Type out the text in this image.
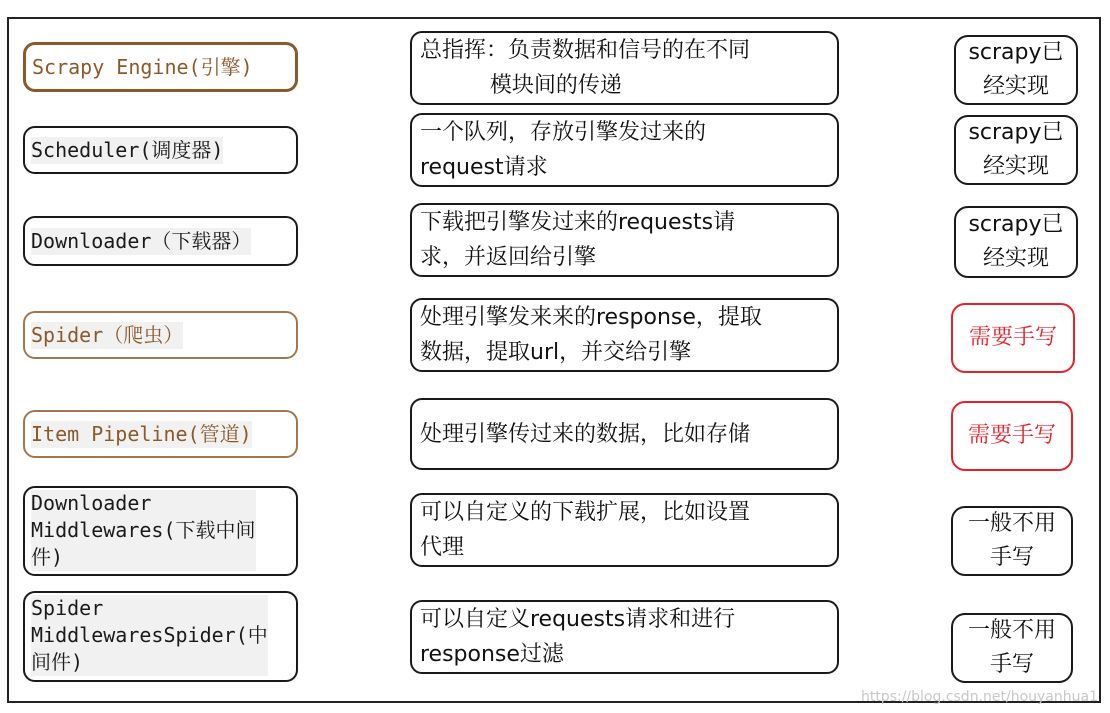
Scrapy Engine(引擎)
总指挥：负责数据和信号的在不同
模块间的传递
scrapy已
经实现
Scheduler(调度器)
一个队列，存放引擎发过来的
request请求
scrapy已
经实现
Downloader（下载器）
下载把引擎发过来的requests请
求，并返回给引擎
scrapy已
经实现
Spider（爬虫）
处理引擎发来来的response，提取
数据，提取url，并交给引擎
需要手写
Item Pipeline(管道)	处理引擎传过来的数据，比如存储	需要手写
Downloader
Middlewares(下载中间
件)
可以自定义的下载扩展，比如设置
代理
一般不用
手写
Spider
MiddlewaresSpider(中
间件)
可以自定义requests请求和进行
response过滤
一般不用
手写
https://blog.csdn.net/houyanhua1
